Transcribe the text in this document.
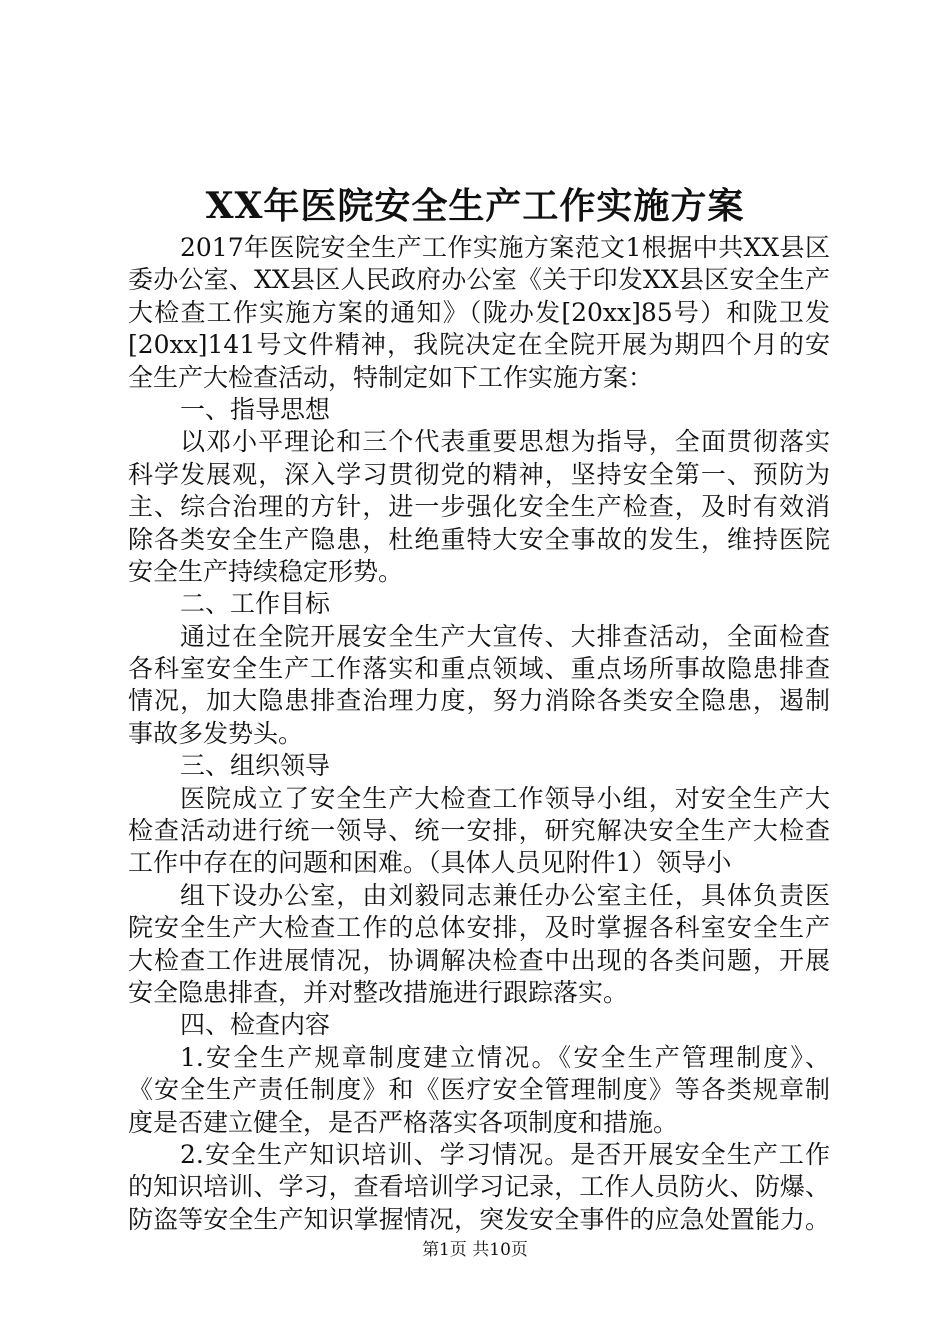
XX年医院安全生产工作实施方案
2017年医院安全生产工作实施方案范文1根据中共XX县区
委办公室、XX县区人民政府办公室《关于印发XX县区安全生产
大检查工作实施方案的通知》（陇办发[20xx]85号）和陇卫发
[20xx]141号文件精神，我院决定在全院开展为期四个月的安
全生产大检查活动，特制定如下工作实施方案：
一、指导思想
以邓小平理论和三个代表重要思想为指导，全面贯彻落实
科学发展观，深入学习贯彻党的精神，坚持安全第一、预防为
主、综合治理的方针，进一步强化安全生产检查，及时有效消
除各类安全生产隐患，杜绝重特大安全事故的发生，维持医院
安全生产持续稳定形势。
二、工作目标
通过在全院开展安全生产大宣传、大排查活动，全面检查
各科室安全生产工作落实和重点领域、重点场所事故隐患排查
情况，加大隐患排查治理力度，努力消除各类安全隐患，遏制
事故多发势头。
三、组织领导
医院成立了安全生产大检查工作领导小组，对安全生产大
检查活动进行统一领导、统一安排，研究解决安全生产大检查
工作中存在的问题和困难。（具体人员见附件1）领导小
组下设办公室，由刘毅同志兼任办公室主任，具体负责医
院安全生产大检查工作的总体安排，及时掌握各科室安全生产
大检查工作进展情况，协调解决检查中出现的各类问题，开展
安全隐患排查，并对整改措施进行跟踪落实。
四、检查内容
1.安全生产规章制度建立情况。《安全生产管理制度》、
《安全生产责任制度》和《医疗安全管理制度》等各类规章制
度是否建立健全，是否严格落实各项制度和措施。
2.安全生产知识培训、学习情况。是否开展安全生产工作
的知识培训、学习，查看培训学习记录，工作人员防火、防爆、
防盗等安全生产知识掌握情况，突发安全事件的应急处置能力。
第1页 共10页
